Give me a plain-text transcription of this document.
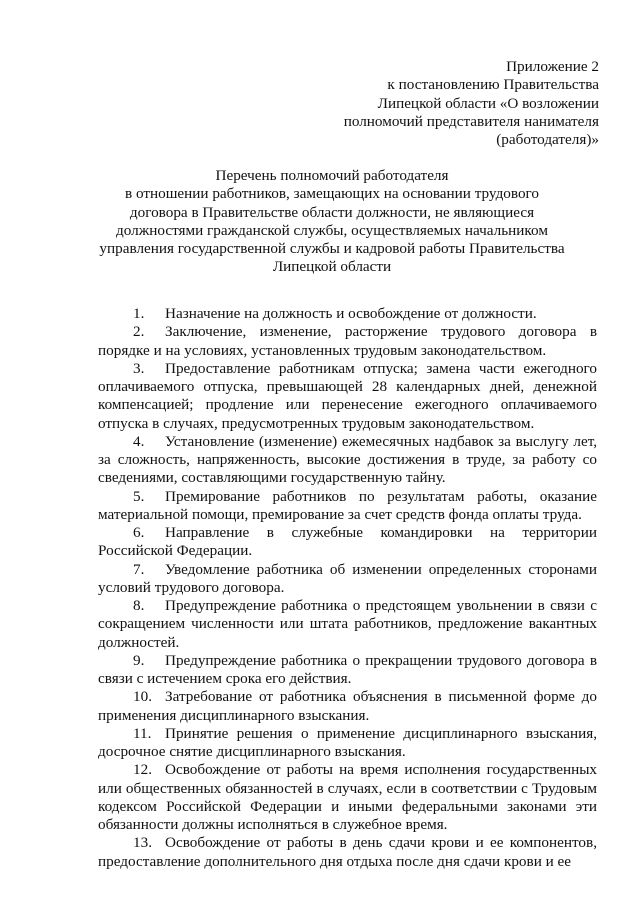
Приложение 2
к постановлению Правительства
Липецкой области «О возложении
полномочий представителя нанимателя
(работодателя)»
Перечень полномочий работодателя
в отношении работников, замещающих на основании трудового
договора в Правительстве области должности, не являющиеся
должностями гражданской службы, осуществляемых начальником
управления государственной службы и кадровой работы Правительства
Липецкой области

1. Назначение на должность и освобождение от должности.

2. Заключение, изменение, расторжение трудового договора в порядке и на условиях, установленных трудовым законодательством.

3. Предоставление работникам отпуска; замена части ежегодного оплачиваемого отпуска, превышающей 28 календарных дней, денежной компенсацией; продление или перенесение ежегодного оплачиваемого отпуска в случаях, предусмотренных трудовым законодательством.

4. Установление (изменение) ежемесячных надбавок за выслугу лет, за сложность, напряженность, высокие достижения в труде, за работу со сведениями, составляющими государственную тайну.

5. Премирование работников по результатам работы, оказание материальной помощи, премирование за счет средств фонда оплаты труда.

6. Направление в служебные командировки на территории Российской Федерации.

7. Уведомление работника об изменении определенных сторонами условий трудового договора.

8. Предупреждение работника о предстоящем увольнении в связи с сокращением численности или штата работников, предложение вакантных должностей.

9. Предупреждение работника о прекращении трудового договора в связи с истечением срока его действия.

10. Затребование от работника объяснения в письменной форме до применения дисциплинарного взыскания.

11. Принятие решения о применение дисциплинарного взыскания, досрочное снятие дисциплинарного взыскания.

12. Освобождение от работы на время исполнения государственных или общественных обязанностей в случаях, если в соответствии с Трудовым кодексом Российской Федерации и иными федеральными законами эти обязанности должны исполняться в служебное время.

13. Освобождение от работы в день сдачи крови и ее компонентов, предоставление дополнительного дня отдыха после дня сдачи крови и ее
